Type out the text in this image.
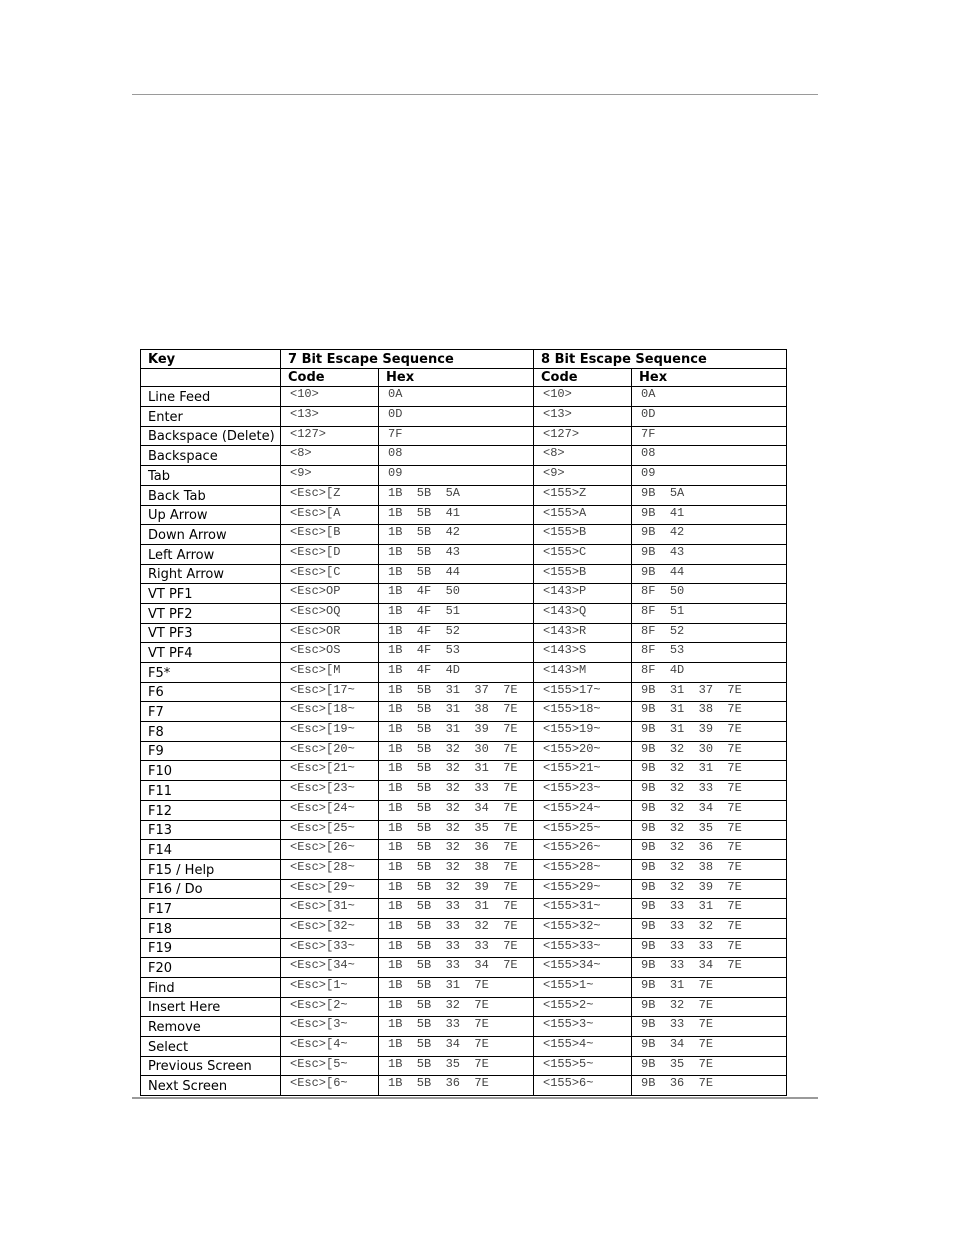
Key	7 Bit Escape Sequence		8 Bit Escape Sequence	
	Code	Hex	Code	Hex
Line Feed	<10>	0A	<10>	0A
Enter	<13>	0D	<13>	0D
Backspace (Delete)	<127>	7F	<127>	7F
Backspace	<8>	08	<8>	08
Tab	<9>	09	<9>	09
Back Tab	<Esc>[Z	1B  5B  5A	<155>Z	9B  5A
Up Arrow	<Esc>[A	1B  5B  41	<155>A	9B  41
Down Arrow	<Esc>[B	1B  5B  42	<155>B	9B  42
Left Arrow	<Esc>[D	1B  5B  43	<155>C	9B  43
Right Arrow	<Esc>[C	1B  5B  44	<155>B	9B  44
VT PF1	<Esc>OP	1B  4F  50	<143>P	8F  50
VT PF2	<Esc>OQ	1B  4F  51	<143>Q	8F  51
VT PF3	<Esc>OR	1B  4F  52	<143>R	8F  52
VT PF4	<Esc>OS	1B  4F  53	<143>S	8F  53
F5*	<Esc>[M	1B  4F  4D	<143>M	8F  4D
F6	<Esc>[17~	1B  5B  31  37  7E	<155>17~	9B  31  37  7E
F7	<Esc>[18~	1B  5B  31  38  7E	<155>18~	9B  31  38  7E
F8	<Esc>[19~	1B  5B  31  39  7E	<155>19~	9B  31  39  7E
F9	<Esc>[20~	1B  5B  32  30  7E	<155>20~	9B  32  30  7E
F10	<Esc>[21~	1B  5B  32  31  7E	<155>21~	9B  32  31  7E
F11	<Esc>[23~	1B  5B  32  33  7E	<155>23~	9B  32  33  7E
F12	<Esc>[24~	1B  5B  32  34  7E	<155>24~	9B  32  34  7E
F13	<Esc>[25~	1B  5B  32  35  7E	<155>25~	9B  32  35  7E
F14	<Esc>[26~	1B  5B  32  36  7E	<155>26~	9B  32  36  7E
F15 / Help	<Esc>[28~	1B  5B  32  38  7E	<155>28~	9B  32  38  7E
F16 / Do	<Esc>[29~	1B  5B  32  39  7E	<155>29~	9B  32  39  7E
F17	<Esc>[31~	1B  5B  33  31  7E	<155>31~	9B  33  31  7E
F18	<Esc>[32~	1B  5B  33  32  7E	<155>32~	9B  33  32  7E
F19	<Esc>[33~	1B  5B  33  33  7E	<155>33~	9B  33  33  7E
F20	<Esc>[34~	1B  5B  33  34  7E	<155>34~	9B  33  34  7E
Find	<Esc>[1~	1B  5B  31  7E	<155>1~	9B  31  7E
Insert Here	<Esc>[2~	1B  5B  32  7E	<155>2~	9B  32  7E
Remove	<Esc>[3~	1B  5B  33  7E	<155>3~	9B  33  7E
Select	<Esc>[4~	1B  5B  34  7E	<155>4~	9B  34  7E
Previous Screen	<Esc>[5~	1B  5B  35  7E	<155>5~	9B  35  7E
Next Screen	<Esc>[6~	1B  5B  36  7E	<155>6~	9B  36  7E
